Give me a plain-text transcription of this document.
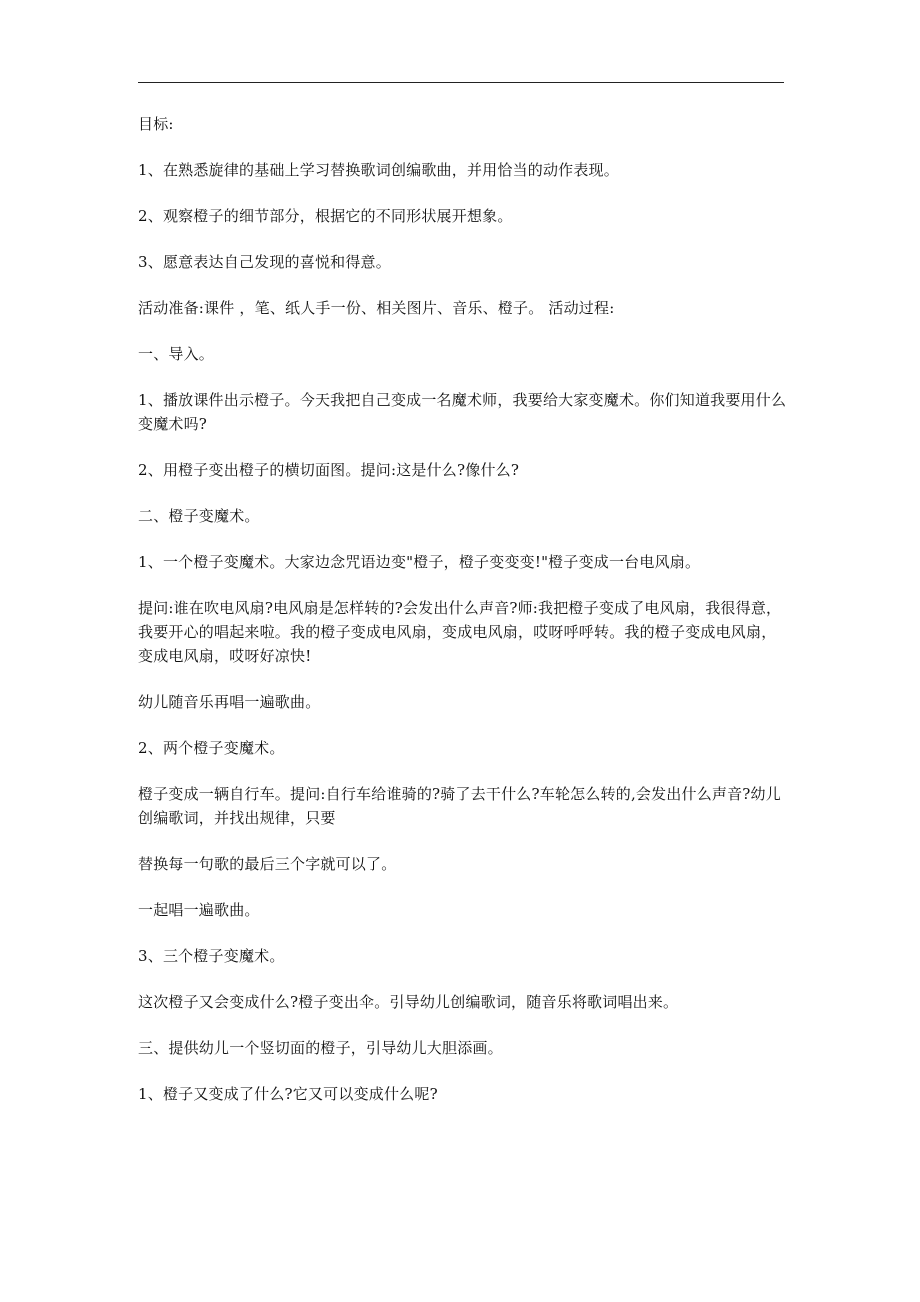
目标:

1、在熟悉旋律的基础上学习替换歌词创编歌曲，并用恰当的动作表现。

2、观察橙子的细节部分，根据它的不同形状展开想象。

3、愿意表达自己发现的喜悦和得意。

活动准备:课件 ，笔、纸人手一份、相关图片、音乐、橙子。 活动过程:

一、导入。

1、播放课件出示橙子。今天我把自己变成一名魔术师，我要给大家变魔术。你们知道我要用什么变魔术吗?

2、用橙子变出橙子的横切面图。提问:这是什么?像什么?

二、橙子变魔术。

1、一个橙子变魔术。大家边念咒语边变"橙子，橙子变变变!"橙子变成一台电风扇。

提问:谁在吹电风扇?电风扇是怎样转的?会发出什么声音?师:我把橙子变成了电风扇，我很得意，我要开心的唱起来啦。我的橙子变成电风扇，变成电风扇，哎呀呼呼转。我的橙子变成电风扇，变成电风扇，哎呀好凉快!

幼儿随音乐再唱一遍歌曲。

2、两个橙子变魔术。

橙子变成一辆自行车。提问:自行车给谁骑的?骑了去干什么?车轮怎么转的,会发出什么声音?幼儿创编歌词，并找出规律，只要

替换每一句歌的最后三个字就可以了。

一起唱一遍歌曲。

3、三个橙子变魔术。

这次橙子又会变成什么?橙子变出伞。引导幼儿创编歌词，随音乐将歌词唱出来。

三、提供幼儿一个竖切面的橙子，引导幼儿大胆添画。

1、橙子又变成了什么?它又可以变成什么呢?
